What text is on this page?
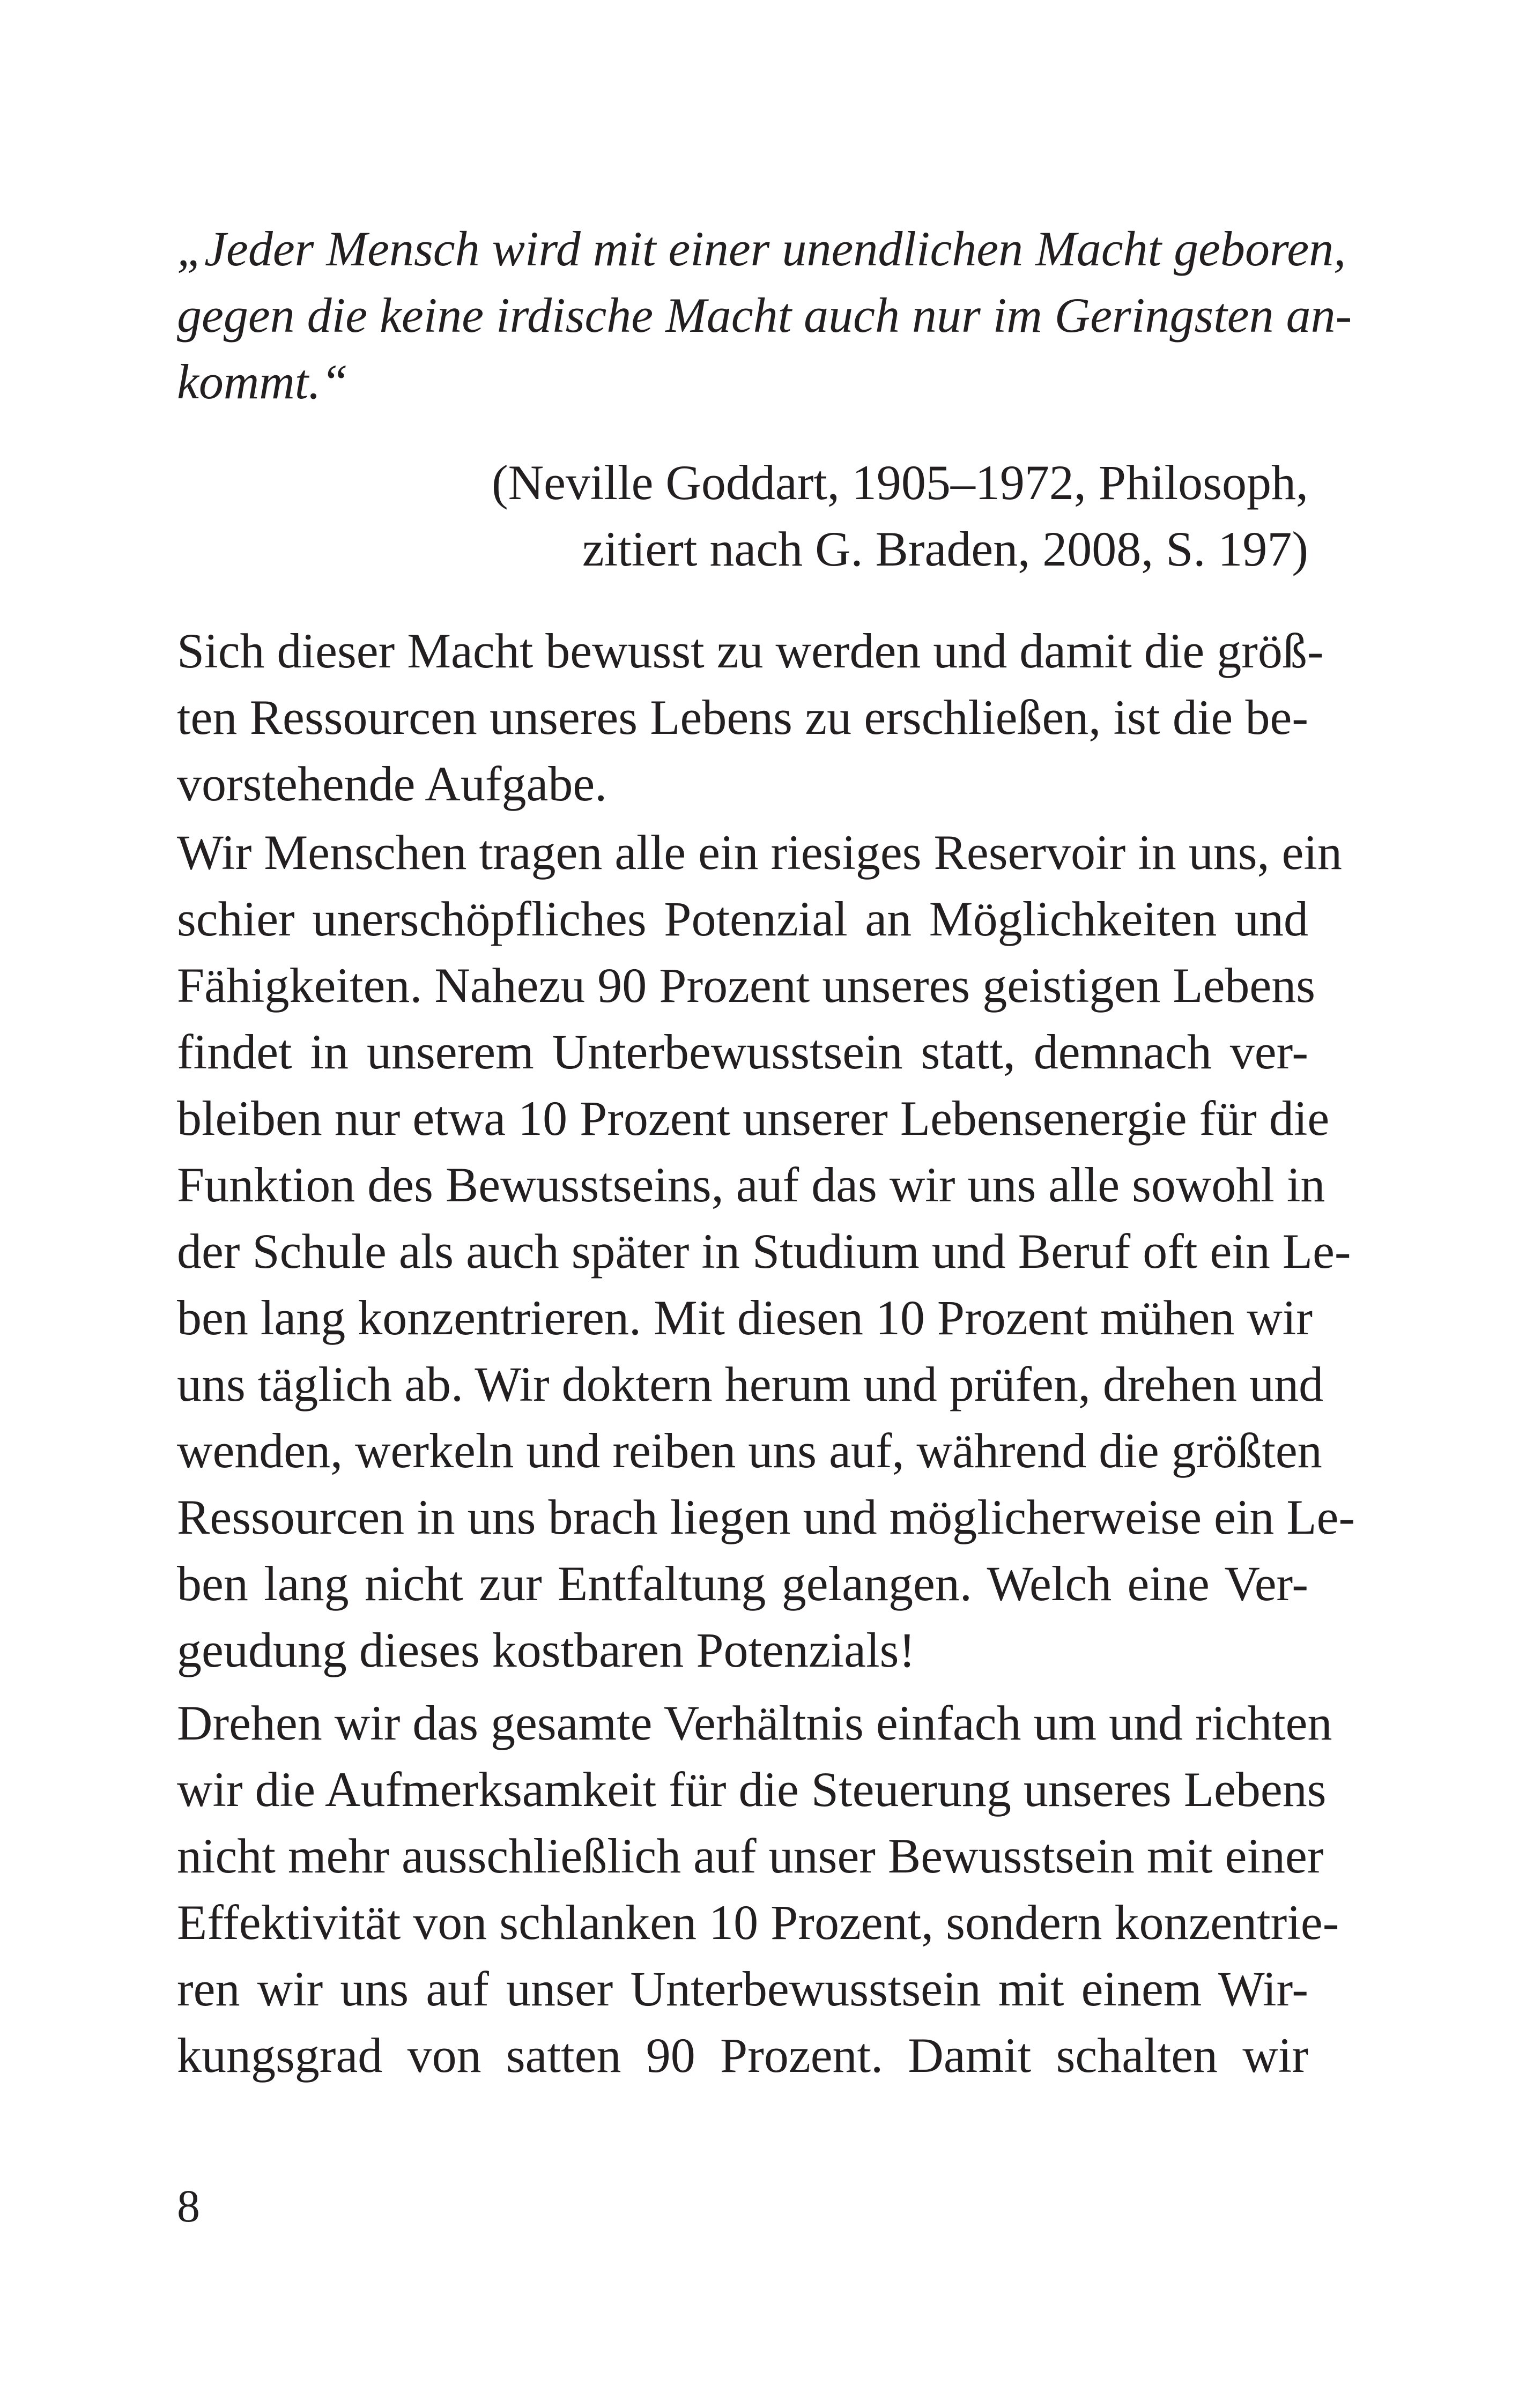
„Jeder Mensch wird mit einer unendlichen Macht geboren,
gegen die keine irdische Macht auch nur im Geringsten an-
kommt.“
(Neville Goddart, 1905–1972, Philosoph,
zitiert nach G. Braden, 2008, S. 197)
Sich dieser Macht bewusst zu werden und damit die größ-
ten Ressourcen unseres Lebens zu erschließen, ist die be-
vorstehende Aufgabe.
Wir Menschen tragen alle ein riesiges Reservoir in uns, ein
schier unerschöpfliches Potenzial an Möglichkeiten und
Fähigkeiten. Nahezu 90 Prozent unseres geistigen Lebens
findet in unserem Unterbewusstsein statt, demnach ver-
bleiben nur etwa 10 Prozent unserer Lebensenergie für die
Funktion des Bewusstseins, auf das wir uns alle sowohl in
der Schule als auch später in Studium und Beruf oft ein Le-
ben lang konzentrieren. Mit diesen 10 Prozent mühen wir
uns täglich ab. Wir doktern herum und prüfen, drehen und
wenden, werkeln und reiben uns auf, während die größten
Ressourcen in uns brach liegen und möglicherweise ein Le-
ben lang nicht zur Entfaltung gelangen. Welch eine Ver-
geudung dieses kostbaren Potenzials!
Drehen wir das gesamte Verhältnis einfach um und richten
wir die Aufmerksamkeit für die Steuerung unseres Lebens
nicht mehr ausschließlich auf unser Bewusstsein mit einer
Effektivität von schlanken 10 Prozent, sondern konzentrie-
ren wir uns auf unser Unterbewusstsein mit einem Wir-
kungsgrad von satten 90 Prozent. Damit schalten wir

8
